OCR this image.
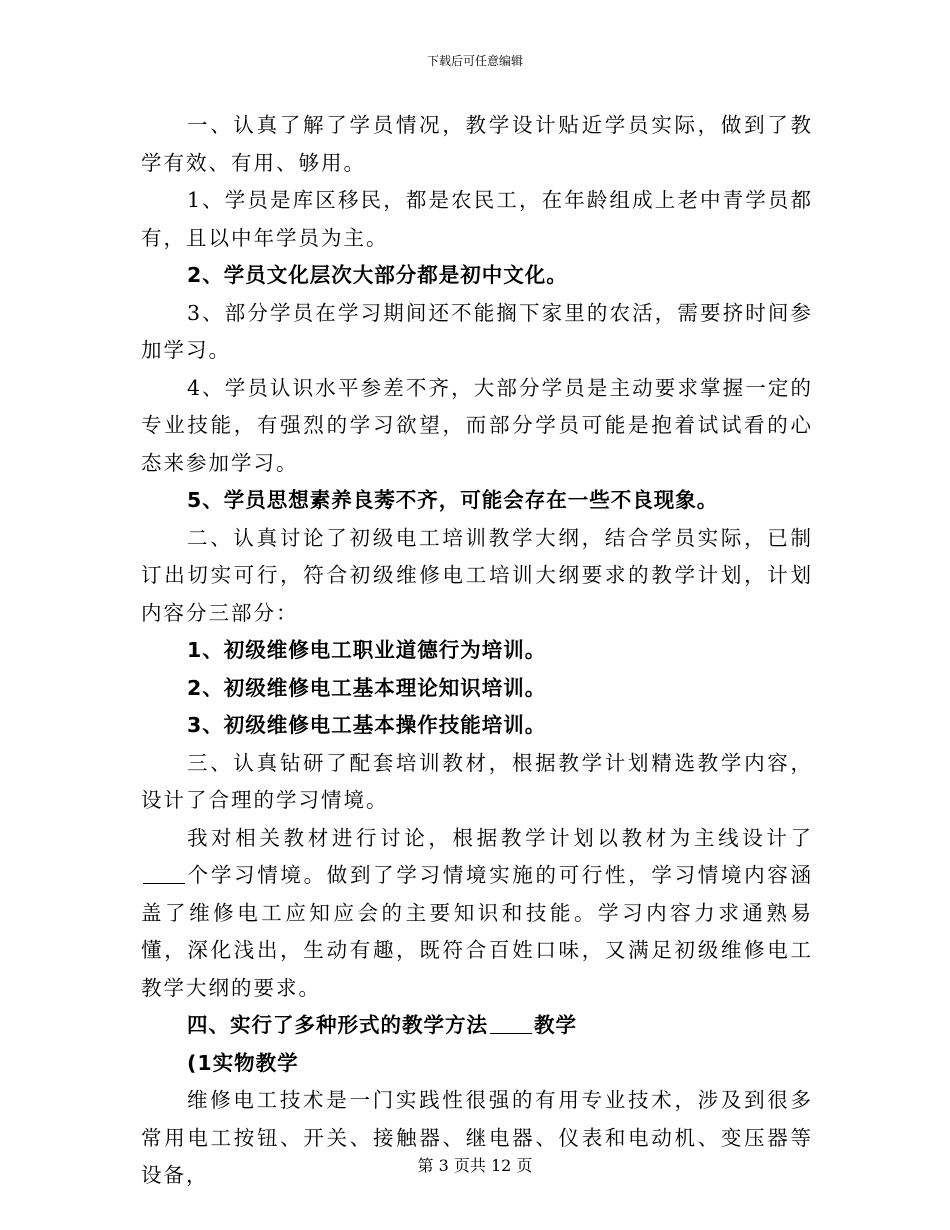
下载后可任意编辑

一、认真了解了学员情况，教学设计贴近学员实际，做到了教学有效、有用、够用。

1、学员是库区移民，都是农民工，在年龄组成上老中青学员都有，且以中年学员为主。

2、学员文化层次大部分都是初中文化。

3、部分学员在学习期间还不能搁下家里的农活，需要挤时间参加学习。

4、学员认识水平参差不齐，大部分学员是主动要求掌握一定的专业技能，有强烈的学习欲望，而部分学员可能是抱着试试看的心态来参加学习。

5、学员思想素养良莠不齐，可能会存在一些不良现象。

二、认真讨论了初级电工培训教学大纲，结合学员实际，已制订出切实可行，符合初级维修电工培训大纲要求的教学计划，计划内容分三部分：

1、初级维修电工职业道德行为培训。

2、初级维修电工基本理论知识培训。

3、初级维修电工基本操作技能培训。

三、认真钻研了配套培训教材，根据教学计划精选教学内容，设计了合理的学习情境。

我对相关教材进行讨论，根据教学计划以教材为主线设计了个学习情境。做到了学习情境实施的可行性，学习情境内容涵盖了维修电工应知应会的主要知识和技能。学习内容力求通熟易懂，深化浅出，生动有趣，既符合百姓口味，又满足初级维修电工教学大纲的要求。

四、实行了多种形式的教学方法 教学

(1实物教学

维修电工技术是一门实践性很强的有用专业技术，涉及到很多常用电工按钮、开关、接触器、继电器、仪表和电动机、变压器等设备，	第 3 页共 12 页
